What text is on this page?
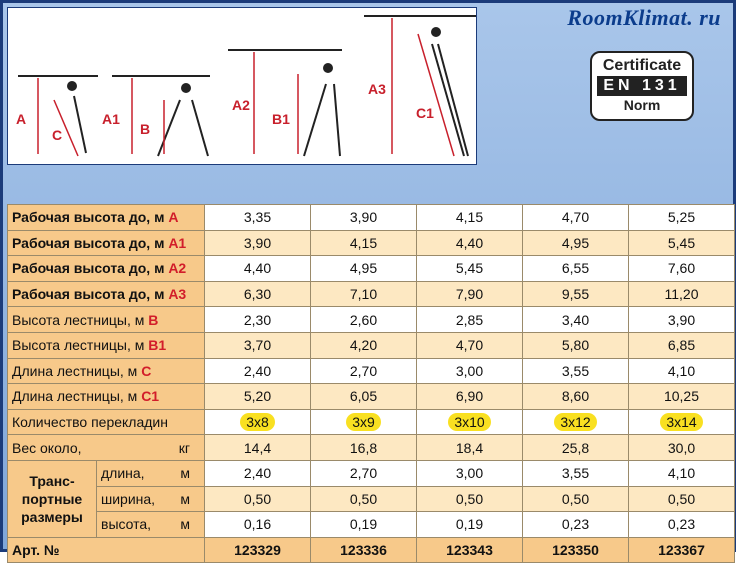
A
C
A1
B
A2
B1
A3
C1
RoomKlimat. ru
Certificate
EN 131
Norm
Рабочая высота до, м A		3,35	3,90	4,15	4,70	5,25
Рабочая высота до, м A1		3,90	4,15	4,40	4,95	5,45
Рабочая высота до, м A2		4,40	4,95	5,45	6,55	7,60
Рабочая высота до, м A3		6,30	7,10	7,90	9,55	11,20
Высота лестницы, м B		2,30	2,60	2,85	3,40	3,90
Высота лестницы, м B1		3,70	4,20	4,70	5,80	6,85
Длина лестницы, м C		2,40	2,70	3,00	3,55	4,10
Длина лестницы, м C1		5,20	6,05	6,90	8,60	10,25
Количество перекладин		3x8	3x9	3x10	3x12	3x14
Вес около, кг		14,4	16,8	18,4	25,8	30,0
Транс- портные размеры	длина, м	2,40	2,70	3,00	3,55	4,10
	ширина, м	0,50	0,50	0,50	0,50	0,50
	высота, м	0,16	0,19	0,19	0,23	0,23
Арт. №		123329	123336	123343	123350	123367
